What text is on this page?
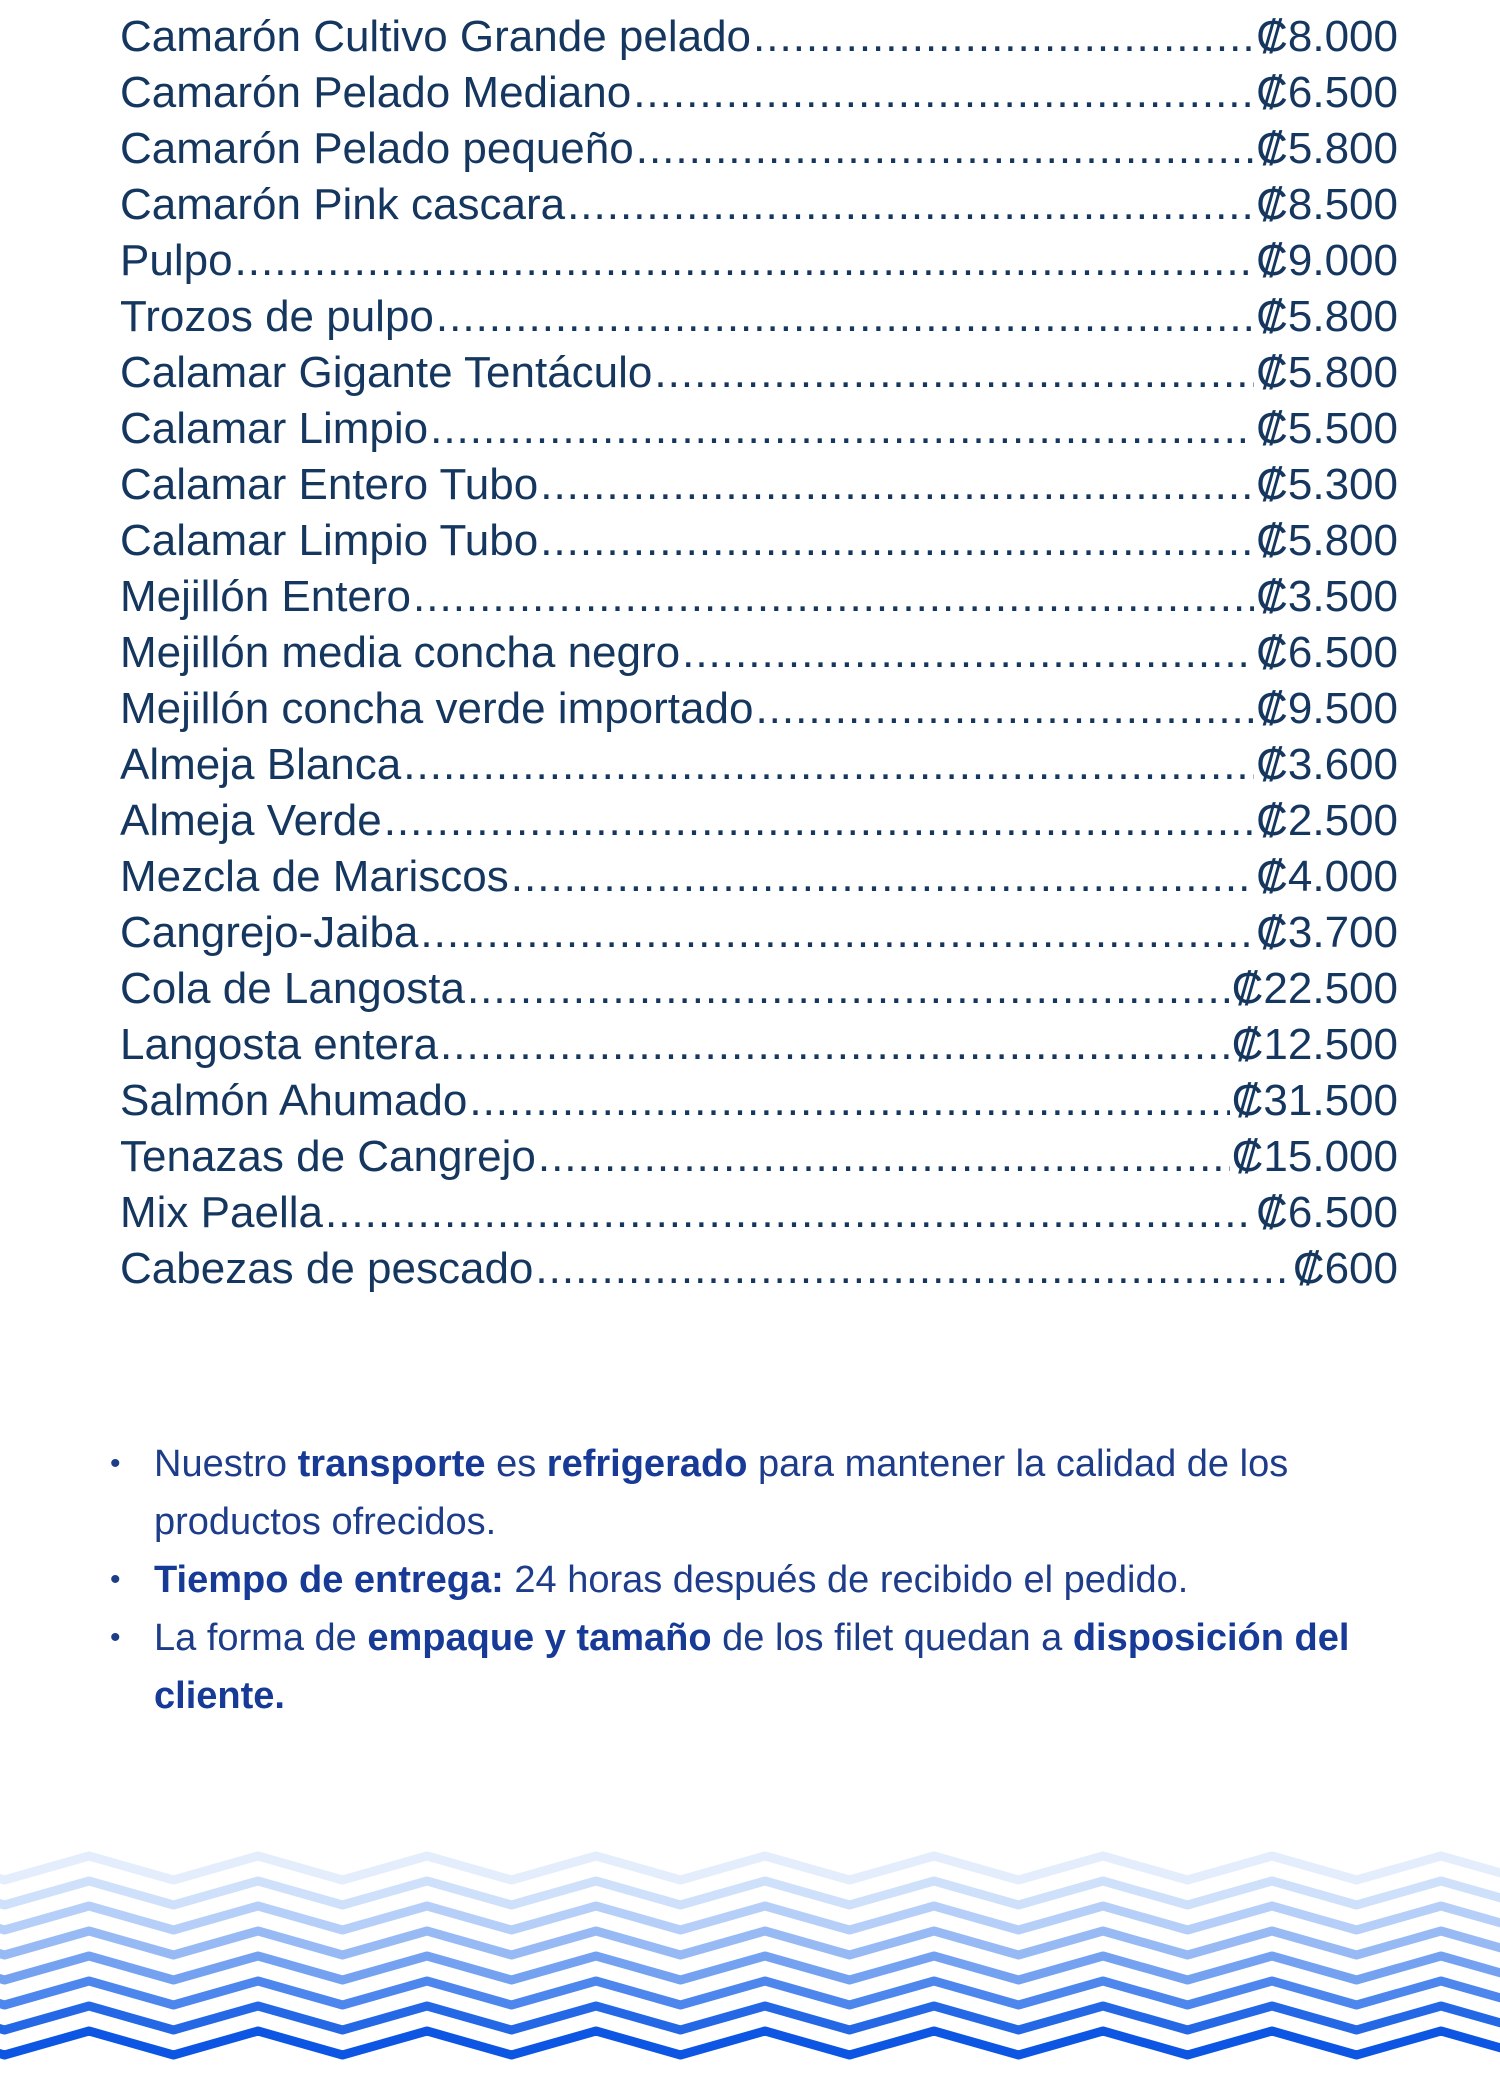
Camarón Cultivo Grande pelado .....	₡8.000
Camarón Pelado Mediano .....	₡6.500
Camarón Pelado pequeño .....	₡5.800
Camarón Pink cascara .....	₡8.500
Pulpo .....	₡9.000
Trozos de pulpo .....	₡5.800
Calamar Gigante Tentáculo .....	₡5.800
Calamar Limpio .....	₡5.500
Calamar Entero Tubo .....	₡5.300
Calamar Limpio Tubo .....	₡5.800
Mejillón Entero .....	₡3.500
Mejillón media concha negro .....	₡6.500
Mejillón concha verde importado .....	₡9.500
Almeja Blanca .....	₡3.600
Almeja Verde .....	₡2.500
Mezcla de Mariscos .....	₡4.000
Cangrejo-Jaiba .....	₡3.700
Cola de Langosta .....	₡22.500
Langosta entera .....	₡12.500
Salmón Ahumado .....	₡31.500
Tenazas de Cangrejo .....	₡15.000
Mix Paella .....	₡6.500
Cabezas de pescado .....	₡600
• Nuestro transporte es refrigerado para mantener la calidad de los productos ofrecidos.
• Tiempo de entrega: 24 horas después de recibido el pedido.
• La forma de empaque y tamaño de los filet quedan a disposición del cliente.
